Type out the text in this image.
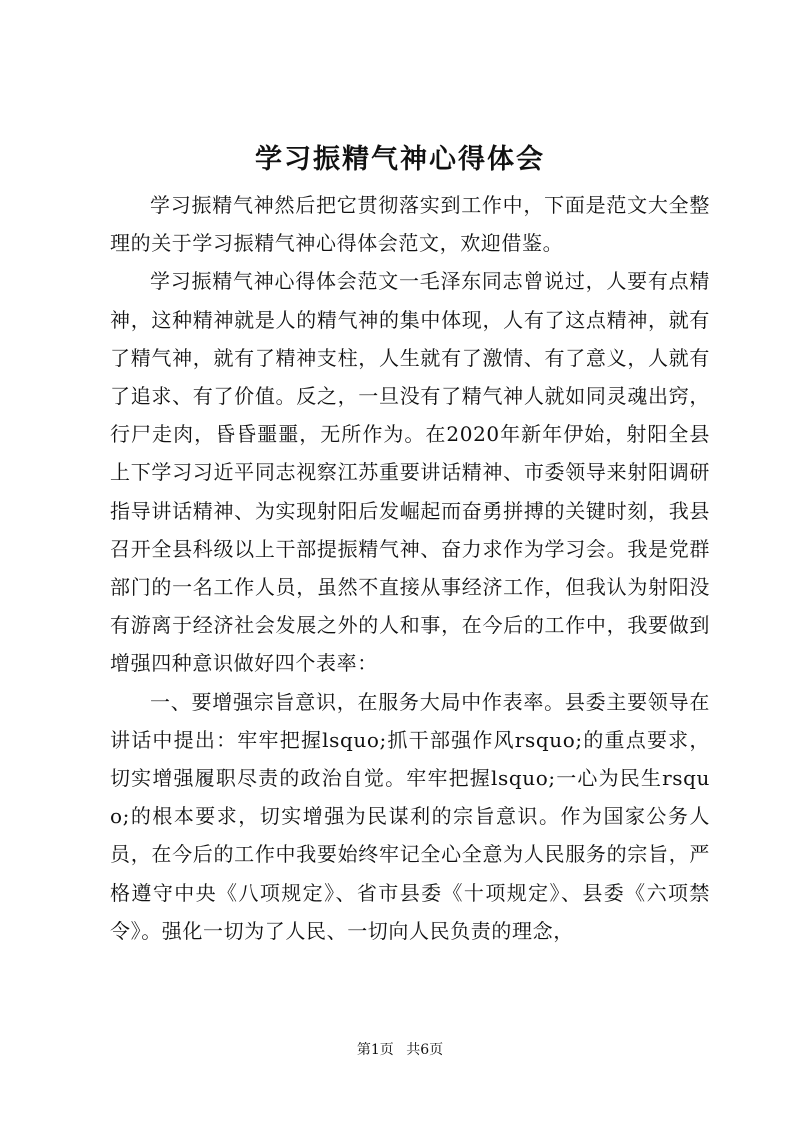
学习振精气神心得体会

学习振精气神然后把它贯彻落实到工作中，下面是范文大全整理的关于学习振精气神心得体会范文，欢迎借鉴。

学习振精气神心得体会范文一毛泽东同志曾说过，人要有点精神，这种精神就是人的精气神的集中体现，人有了这点精神，就有了精气神，就有了精神支柱，人生就有了激情、有了意义，人就有了追求、有了价值。反之，一旦没有了精气神人就如同灵魂出窍，行尸走肉，昏昏噩噩，无所作为。在2020年新年伊始，射阳全县上下学习习近平同志视察江苏重要讲话精神、市委领导来射阳调研指导讲话精神、为实现射阳后发崛起而奋勇拼搏的关键时刻，我县召开全县科级以上干部提振精气神、奋力求作为学习会。我是党群部门的一名工作人员，虽然不直接从事经济工作，但我认为射阳没有游离于经济社会发展之外的人和事，在今后的工作中，我要做到增强四种意识做好四个表率：

一、要增强宗旨意识，在服务大局中作表率。县委主要领导在讲话中提出：牢牢把握lsquo;抓干部强作风rsquo;的重点要求，切实增强履职尽责的政治自觉。牢牢把握lsquo;一心为民生rsquo;的根本要求，切实增强为民谋利的宗旨意识。作为国家公务人员，在今后的工作中我要始终牢记全心全意为人民服务的宗旨，严格遵守中央《八项规定》、省市县委《十项规定》、县委《六项禁令》。强化一切为了人民、一切向人民负责的理念，

第1页 共6页
